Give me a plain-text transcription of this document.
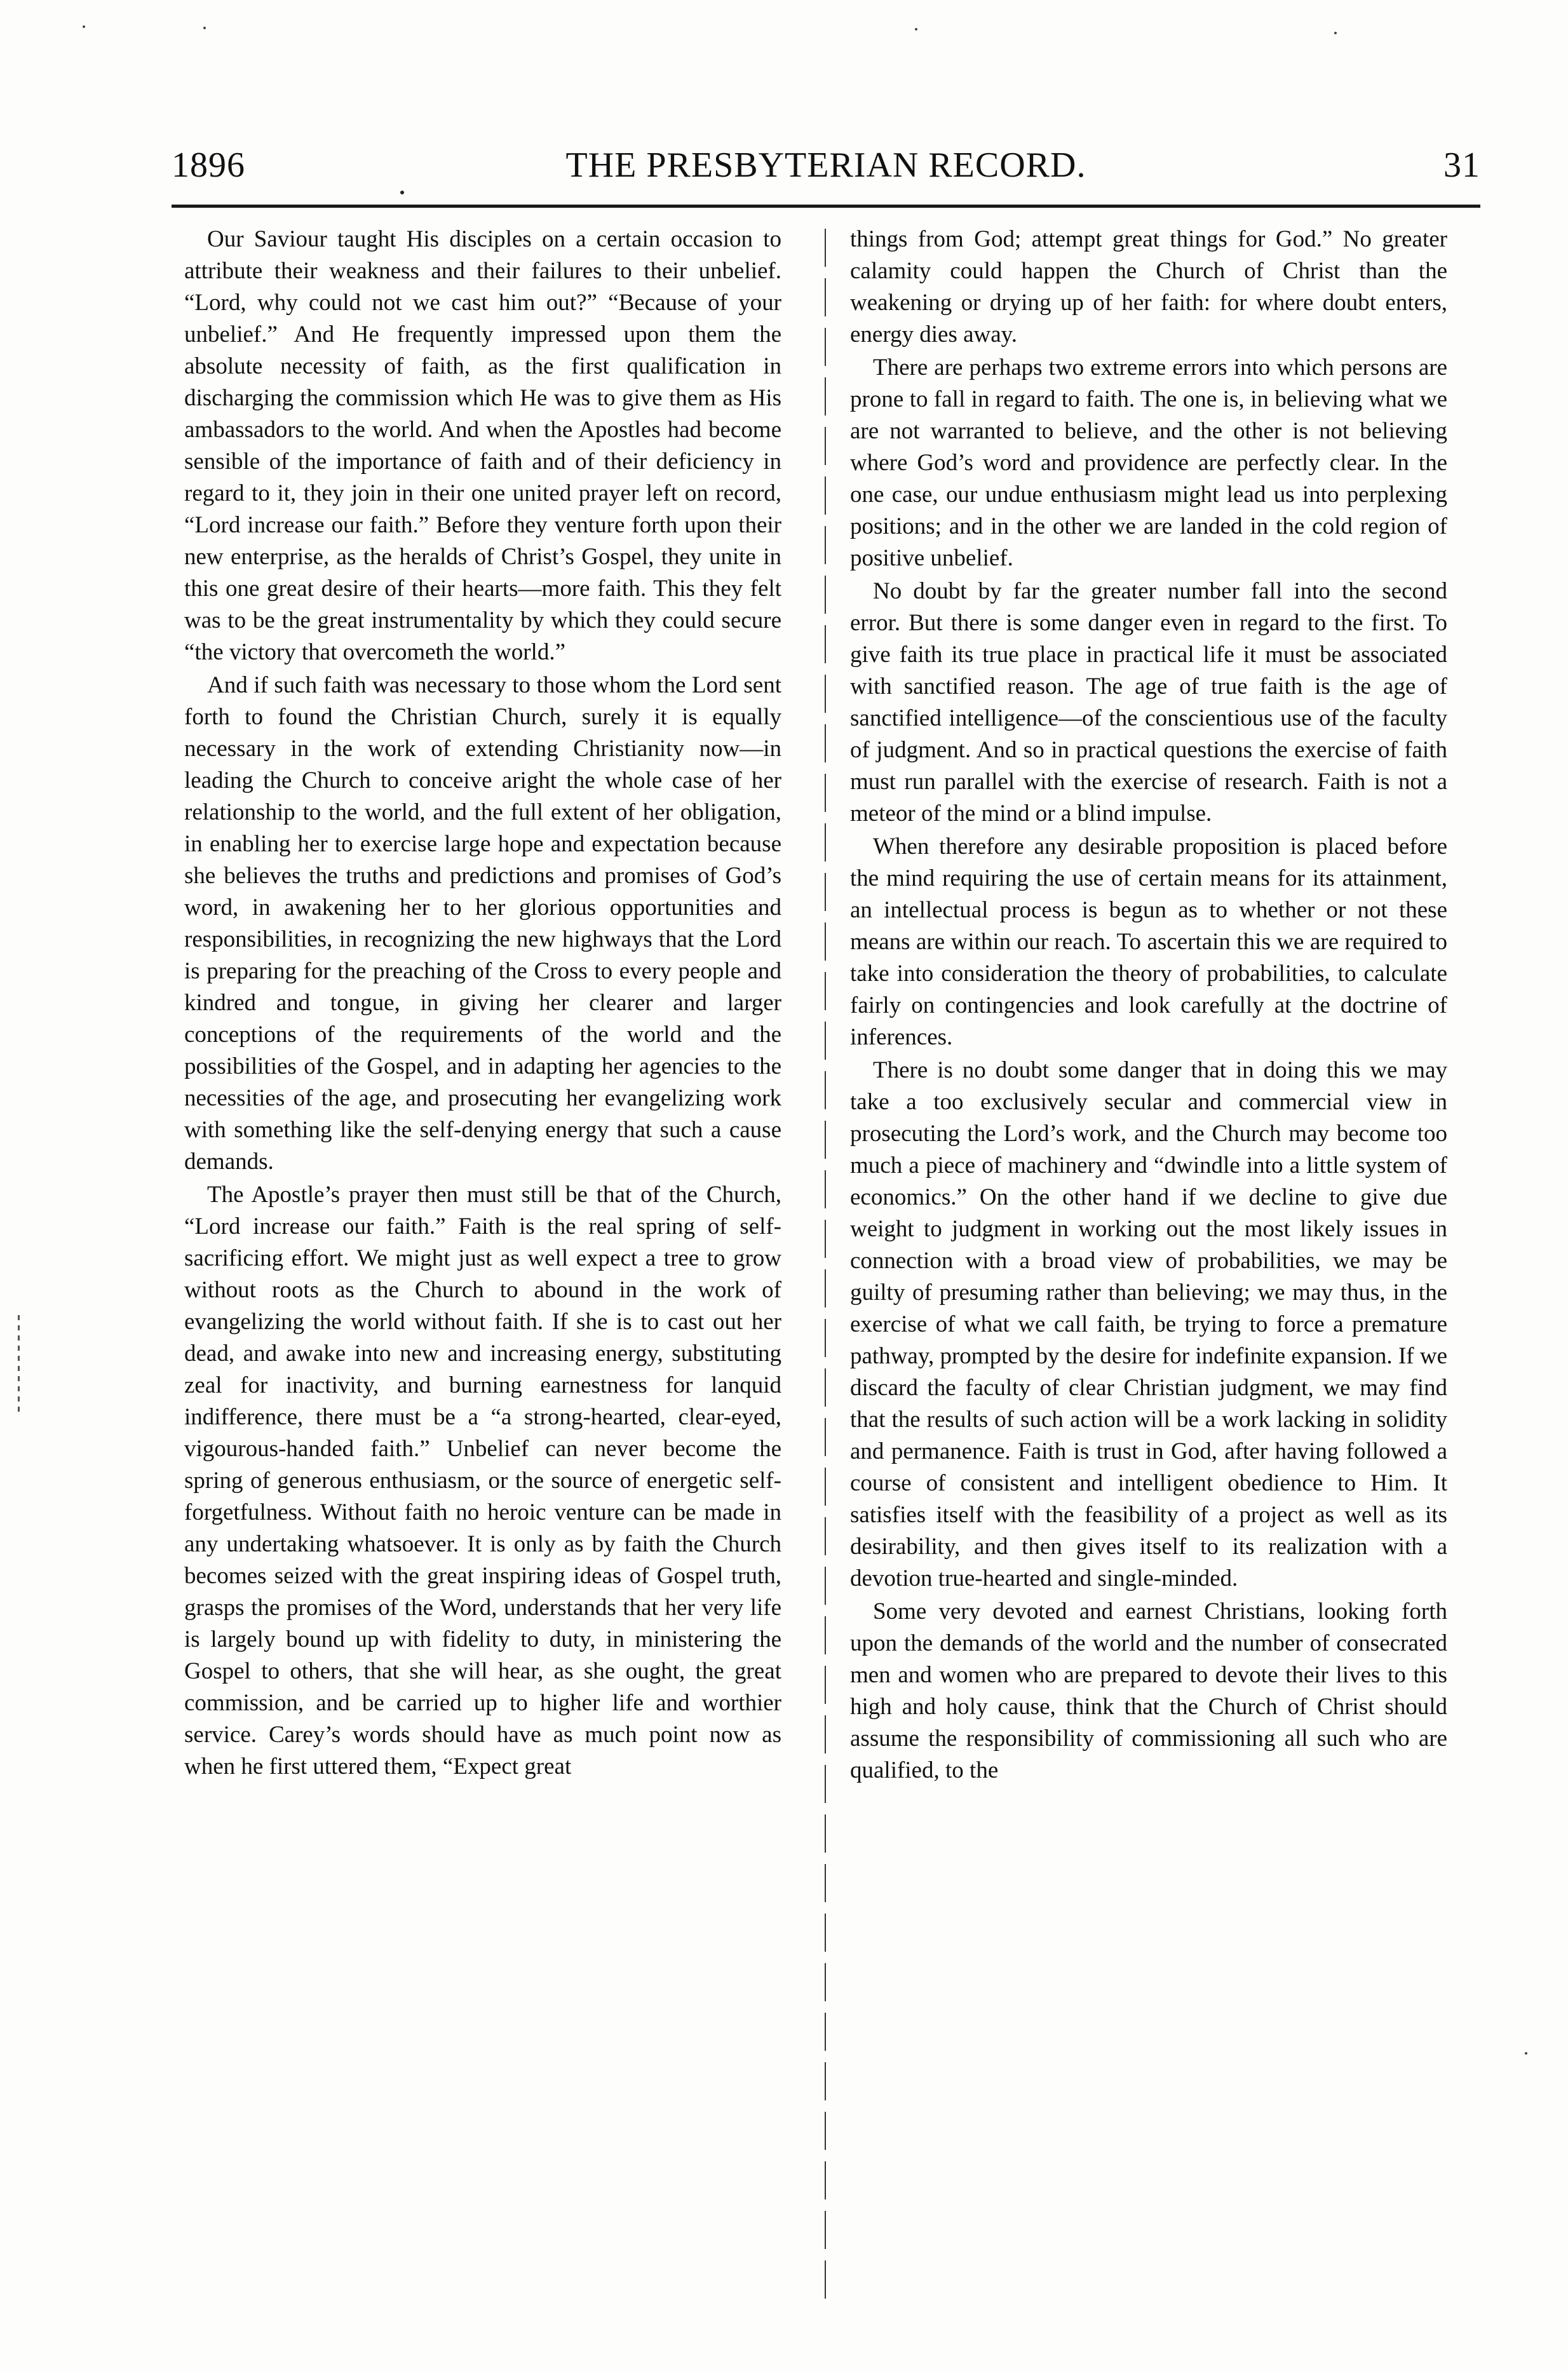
1896	THE PRESBYTERIAN RECORD.	31

Our Saviour taught His disciples on a certain occasion to attribute their weakness and their failures to their unbelief. “Lord, why could not we cast him out?” “Because of your unbelief.” And He frequently impressed upon them the absolute necessity of faith, as the first qualification in discharging the commission which He was to give them as His ambassadors to the world. And when the Apostles had become sensible of the importance of faith and of their deficiency in regard to it, they join in their one united prayer left on record, “Lord increase our faith.” Before they venture forth upon their new enterprise, as the heralds of Christ’s Gospel, they unite in this one great desire of their hearts—more faith. This they felt was to be the great instrumentality by which they could secure “the victory that overcometh the world.”

And if such faith was necessary to those whom the Lord sent forth to found the Christian Church, surely it is equally necessary in the work of extending Christianity now—in leading the Church to conceive aright the whole case of her relationship to the world, and the full extent of her obligation, in enabling her to exercise large hope and expectation because she believes the truths and predictions and promises of God’s word, in awakening her to her glorious opportunities and responsibilities, in recognizing the new highways that the Lord is preparing for the preaching of the Cross to every people and kindred and tongue, in giving her clearer and larger conceptions of the requirements of the world and the possibilities of the Gospel, and in adapting her agencies to the necessities of the age, and prosecuting her evangelizing work with something like the self-denying energy that such a cause demands.

The Apostle’s prayer then must still be that of the Church, “Lord increase our faith.” Faith is the real spring of self-sacrificing effort. We might just as well expect a tree to grow without roots as the Church to abound in the work of evangelizing the world without faith. If she is to cast out her dead, and awake into new and increasing energy, substituting zeal for inactivity, and burning earnestness for lanquid indifference, there must be a “a strong-hearted, clear-eyed, vigourous-handed faith.” Unbelief can never become the spring of generous enthusiasm, or the source of energetic self-forgetfulness. Without faith no heroic venture can be made in any undertaking whatsoever. It is only as by faith the Church becomes seized with the great inspiring ideas of Gospel truth, grasps the promises of the Word, understands that her very life is largely bound up with fidelity to duty, in ministering the Gospel to others, that she will hear, as she ought, the great commission, and be carried up to higher life and worthier service. Carey’s words should have as much point now as when he first uttered them, “Expect great

things from God; attempt great things for God.” No greater calamity could happen the Church of Christ than the weakening or drying up of her faith: for where doubt enters, energy dies away.

There are perhaps two extreme errors into which persons are prone to fall in regard to faith. The one is, in believing what we are not warranted to believe, and the other is not believing where God’s word and providence are perfectly clear. In the one case, our undue enthusiasm might lead us into perplexing positions; and in the other we are landed in the cold region of positive unbelief.

No doubt by far the greater number fall into the second error. But there is some danger even in regard to the first. To give faith its true place in practical life it must be associated with sanctified reason. The age of true faith is the age of sanctified intelligence—of the conscientious use of the faculty of judgment. And so in practical questions the exercise of faith must run parallel with the exercise of research. Faith is not a meteor of the mind or a blind impulse.

When therefore any desirable proposition is placed before the mind requiring the use of certain means for its attainment, an intellectual process is begun as to whether or not these means are within our reach. To ascertain this we are required to take into consideration the theory of probabilities, to calculate fairly on contingencies and look carefully at the doctrine of inferences.

There is no doubt some danger that in doing this we may take a too exclusively secular and commercial view in prosecuting the Lord’s work, and the Church may become too much a piece of machinery and “dwindle into a little system of economics.” On the other hand if we decline to give due weight to judgment in working out the most likely issues in connection with a broad view of probabilities, we may be guilty of presuming rather than believing; we may thus, in the exercise of what we call faith, be trying to force a premature pathway, prompted by the desire for indefinite expansion. If we discard the faculty of clear Christian judgment, we may find that the results of such action will be a work lacking in solidity and permanence. Faith is trust in God, after having followed a course of consistent and intelligent obedience to Him. It satisfies itself with the feasibility of a project as well as its desirability, and then gives itself to its realization with a devotion true-hearted and single-minded.

Some very devoted and earnest Christians, looking forth upon the demands of the world and the number of consecrated men and women who are prepared to devote their lives to this high and holy cause, think that the Church of Christ should assume the responsibility of commissioning all such who are qualified, to the
